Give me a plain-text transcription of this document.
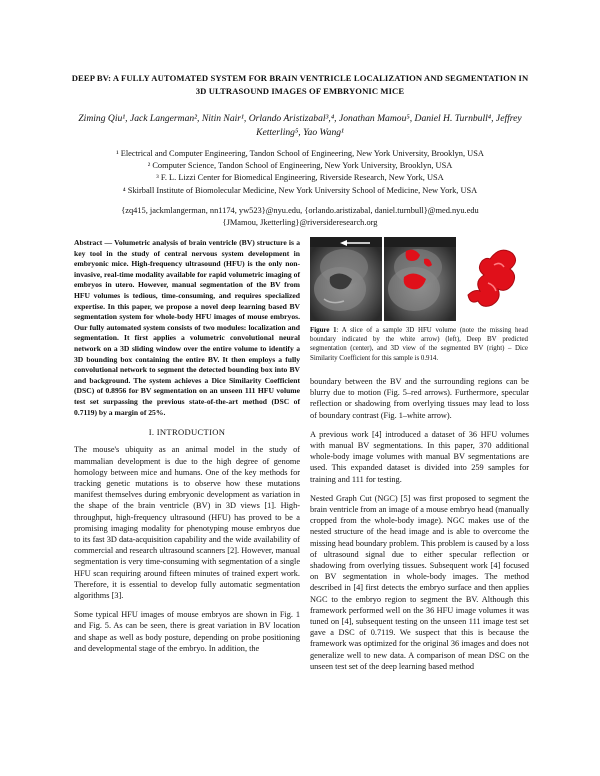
DEEP BV: A FULLY AUTOMATED SYSTEM FOR BRAIN VENTRICLE LOCALIZATION AND SEGMENTATION IN 3D ULTRASOUND IMAGES OF EMBRYONIC MICE
Ziming Qiu¹, Jack Langerman², Nitin Nair¹, Orlando Aristizabal³,⁴, Jonathan Mamou⁵, Daniel H. Turnbull⁴, Jeffrey Ketterling⁵, Yao Wang¹
¹ Electrical and Computer Engineering, Tandon School of Engineering, New York University, Brooklyn, USA
² Computer Science, Tandon School of Engineering, New York University, Brooklyn, USA
³ F. L. Lizzi Center for Biomedical Engineering, Riverside Research, New York, USA
⁴ Skirball Institute of Biomolecular Medicine, New York University School of Medicine, New York, USA
{zq415, jackmlangerman, nn1174, yw523}@nyu.edu, {orlando.aristizabal, daniel.turnbull}@med.nyu.edu
{JMamou, Jketterling}@riversideresearch.org
Abstract — Volumetric analysis of brain ventricle (BV) structure is a key tool in the study of central nervous system development in embryonic mice. High-frequency ultrasound (HFU) is the only non-invasive, real-time modality available for rapid volumetric imaging of embryos in utero. However, manual segmentation of the BV from HFU volumes is tedious, time-consuming, and requires specialized expertise. In this paper, we propose a novel deep learning based BV segmentation system for whole-body HFU images of mouse embryos. Our fully automated system consists of two modules: localization and segmentation. It first applies a volumetric convolutional neural network on a 3D sliding window over the entire volume to identify a 3D bounding box containing the entire BV. It then employs a fully convolutional network to segment the detected bounding box into BV and background. The system achieves a Dice Similarity Coefficient (DSC) of 0.8956 for BV segmentation on an unseen 111 HFU volume test set surpassing the previous state-of-the-art method (DSC of 0.7119) by a margin of 25%.
I. INTRODUCTION

The mouse's ubiquity as an animal model in the study of mammalian development is due to the high degree of genome homology between mice and humans. One of the key methods for tracking genetic mutations is to observe how these mutations manifest themselves during embryonic development as variation in the shape of the brain ventricle (BV) in 3D views [1]. High-throughput, high-frequency ultrasound (HFU) has proved to be a promising imaging modality for phenotyping mouse embryos due to its fast 3D data-acquisition capability and the wide availability of commercial and research ultrasound scanners [2]. However, manual segmentation is very time-consuming with segmentation of a single HFU scan requiring around fifteen minutes of trained expert work. Therefore, it is essential to develop fully automatic segmentation algorithms [3].

Some typical HFU images of mouse embryos are shown in Fig. 1 and Fig. 5. As can be seen, there is great variation in BV location and shape as well as body posture, depending on probe positioning and developmental stage of the embryo. In addition, the

Figure 1: A slice of a sample 3D HFU volume (note the missing head boundary indicated by the white arrow) (left), Deep BV predicted segmentation (center), and 3D view of the segmented BV (right) – Dice Similarity Coefficient for this sample is 0.914.

boundary between the BV and the surrounding regions can be blurry due to motion (Fig. 5–red arrows). Furthermore, specular reflection or shadowing from overlying tissues may lead to loss of boundary contrast (Fig. 1–white arrow).

A previous work [4] introduced a dataset of 36 HFU volumes with manual BV segmentations. In this paper, 370 additional whole-body image volumes with manual BV segmentations are used. This expanded dataset is divided into 259 samples for training and 111 for testing.

Nested Graph Cut (NGC) [5] was first proposed to segment the brain ventricle from an image of a mouse embryo head (manually cropped from the whole-body image). NGC makes use of the nested structure of the head image and is able to overcome the missing head boundary problem. This problem is caused by a loss of ultrasound signal due to either specular reflection or shadowing from overlying tissues. Subsequent work [4] focused on BV segmentation in whole-body images. The method described in [4] first detects the embryo surface and then applies NGC to the embryo region to segment the BV. Although this framework performed well on the 36 HFU image volumes it was tuned on [4], subsequent testing on the unseen 111 image test set gave a DSC of 0.7119. We suspect that this is because the framework was optimized for the original 36 images and does not generalize well to new data. A comparison of mean DSC on the unseen test set of the deep learning based method
